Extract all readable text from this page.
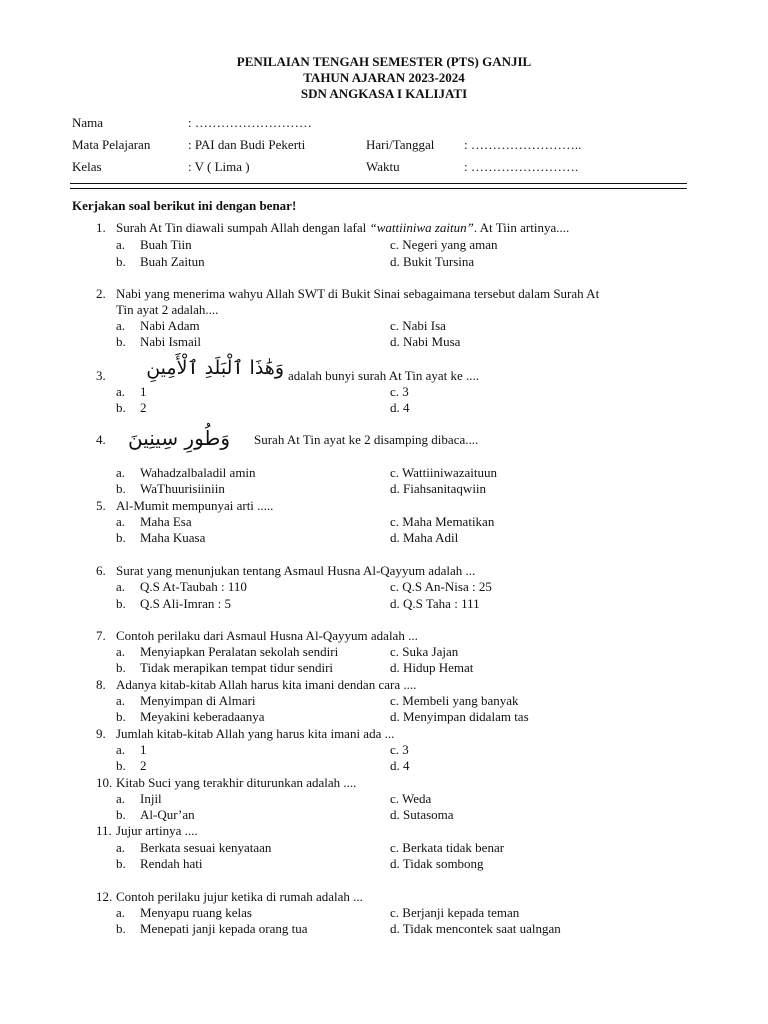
PENILAIAN TENGAH SEMESTER (PTS) GANJIL
TAHUN AJARAN 2023-2024
SDN ANGKASA I KALIJATI
Nama	: ………………………
Mata Pelajaran	: PAI dan Budi Pekerti	Hari/Tanggal : ……………………..
Kelas	: V ( Lima )	Waktu	: …………………….
Kerjakan soal berikut ini dengan benar!
1. Surah At Tin diawali sumpah Allah dengan lafal “wattiiniwa zaitun”. At Tiin artinya....
a. Buah Tiin
b. Buah Zaitun
c. Negeri yang aman
d. Bukit Tursina
2. Nabi yang menerima wahyu Allah SWT di Bukit Sinai sebagaimana tersebut dalam Surah At
Tin ayat 2 adalah....
a. Nabi Adam
b. Nabi Ismail
c. Nabi Isa
d. Nabi Musa
3. وَهَٰذَا ٱلْبَلَدِ ٱلْأَمِينِ adalah bunyi surah At Tin ayat ke ....
a. 1
b. 2
c. 3
d. 4
4. وَطُورِ سِينِينَ Surah At Tin ayat ke 2 disamping dibaca....
a. Wahadzalbaladil amin
b. WaThuurisiiniin
c. Wattiiniwazaituun
d. Fiahsanitaqwiin
5. Al-Mumit mempunyai arti .....
a. Maha Esa
b. Maha Kuasa
c. Maha Mematikan
d. Maha Adil
6. Surat yang menunjukan tentang Asmaul Husna Al-Qayyum adalah ...
a. Q.S At-Taubah : 110
b. Q.S Ali-Imran : 5
c. Q.S An-Nisa : 25
d. Q.S Taha : 111
7. Contoh perilaku dari Asmaul Husna Al-Qayyum adalah ...
a. Menyiapkan Peralatan sekolah sendiri
b. Tidak merapikan tempat tidur sendiri
c. Suka Jajan
d. Hidup Hemat
8. Adanya kitab-kitab Allah harus kita imani dendan cara ....
a. Menyimpan di Almari
b. Meyakini keberadaanya
c. Membeli yang banyak
d. Menyimpan didalam tas
9. Jumlah kitab-kitab Allah yang harus kita imani ada ...
a. 1
b. 2
c. 3
d. 4
10. Kitab Suci yang terakhir diturunkan adalah ....
a. Injil
b. Al-Qur’an
c. Weda
d. Sutasoma
11. Jujur artinya ....
a. Berkata sesuai kenyataan
b. Rendah hati
c. Berkata tidak benar
d. Tidak sombong
12. Contoh perilaku jujur ketika di rumah adalah ...
a. Menyapu ruang kelas
b. Menepati janji kepada orang tua
c. Berjanji kepada teman
d. Tidak mencontek saat ualngan
